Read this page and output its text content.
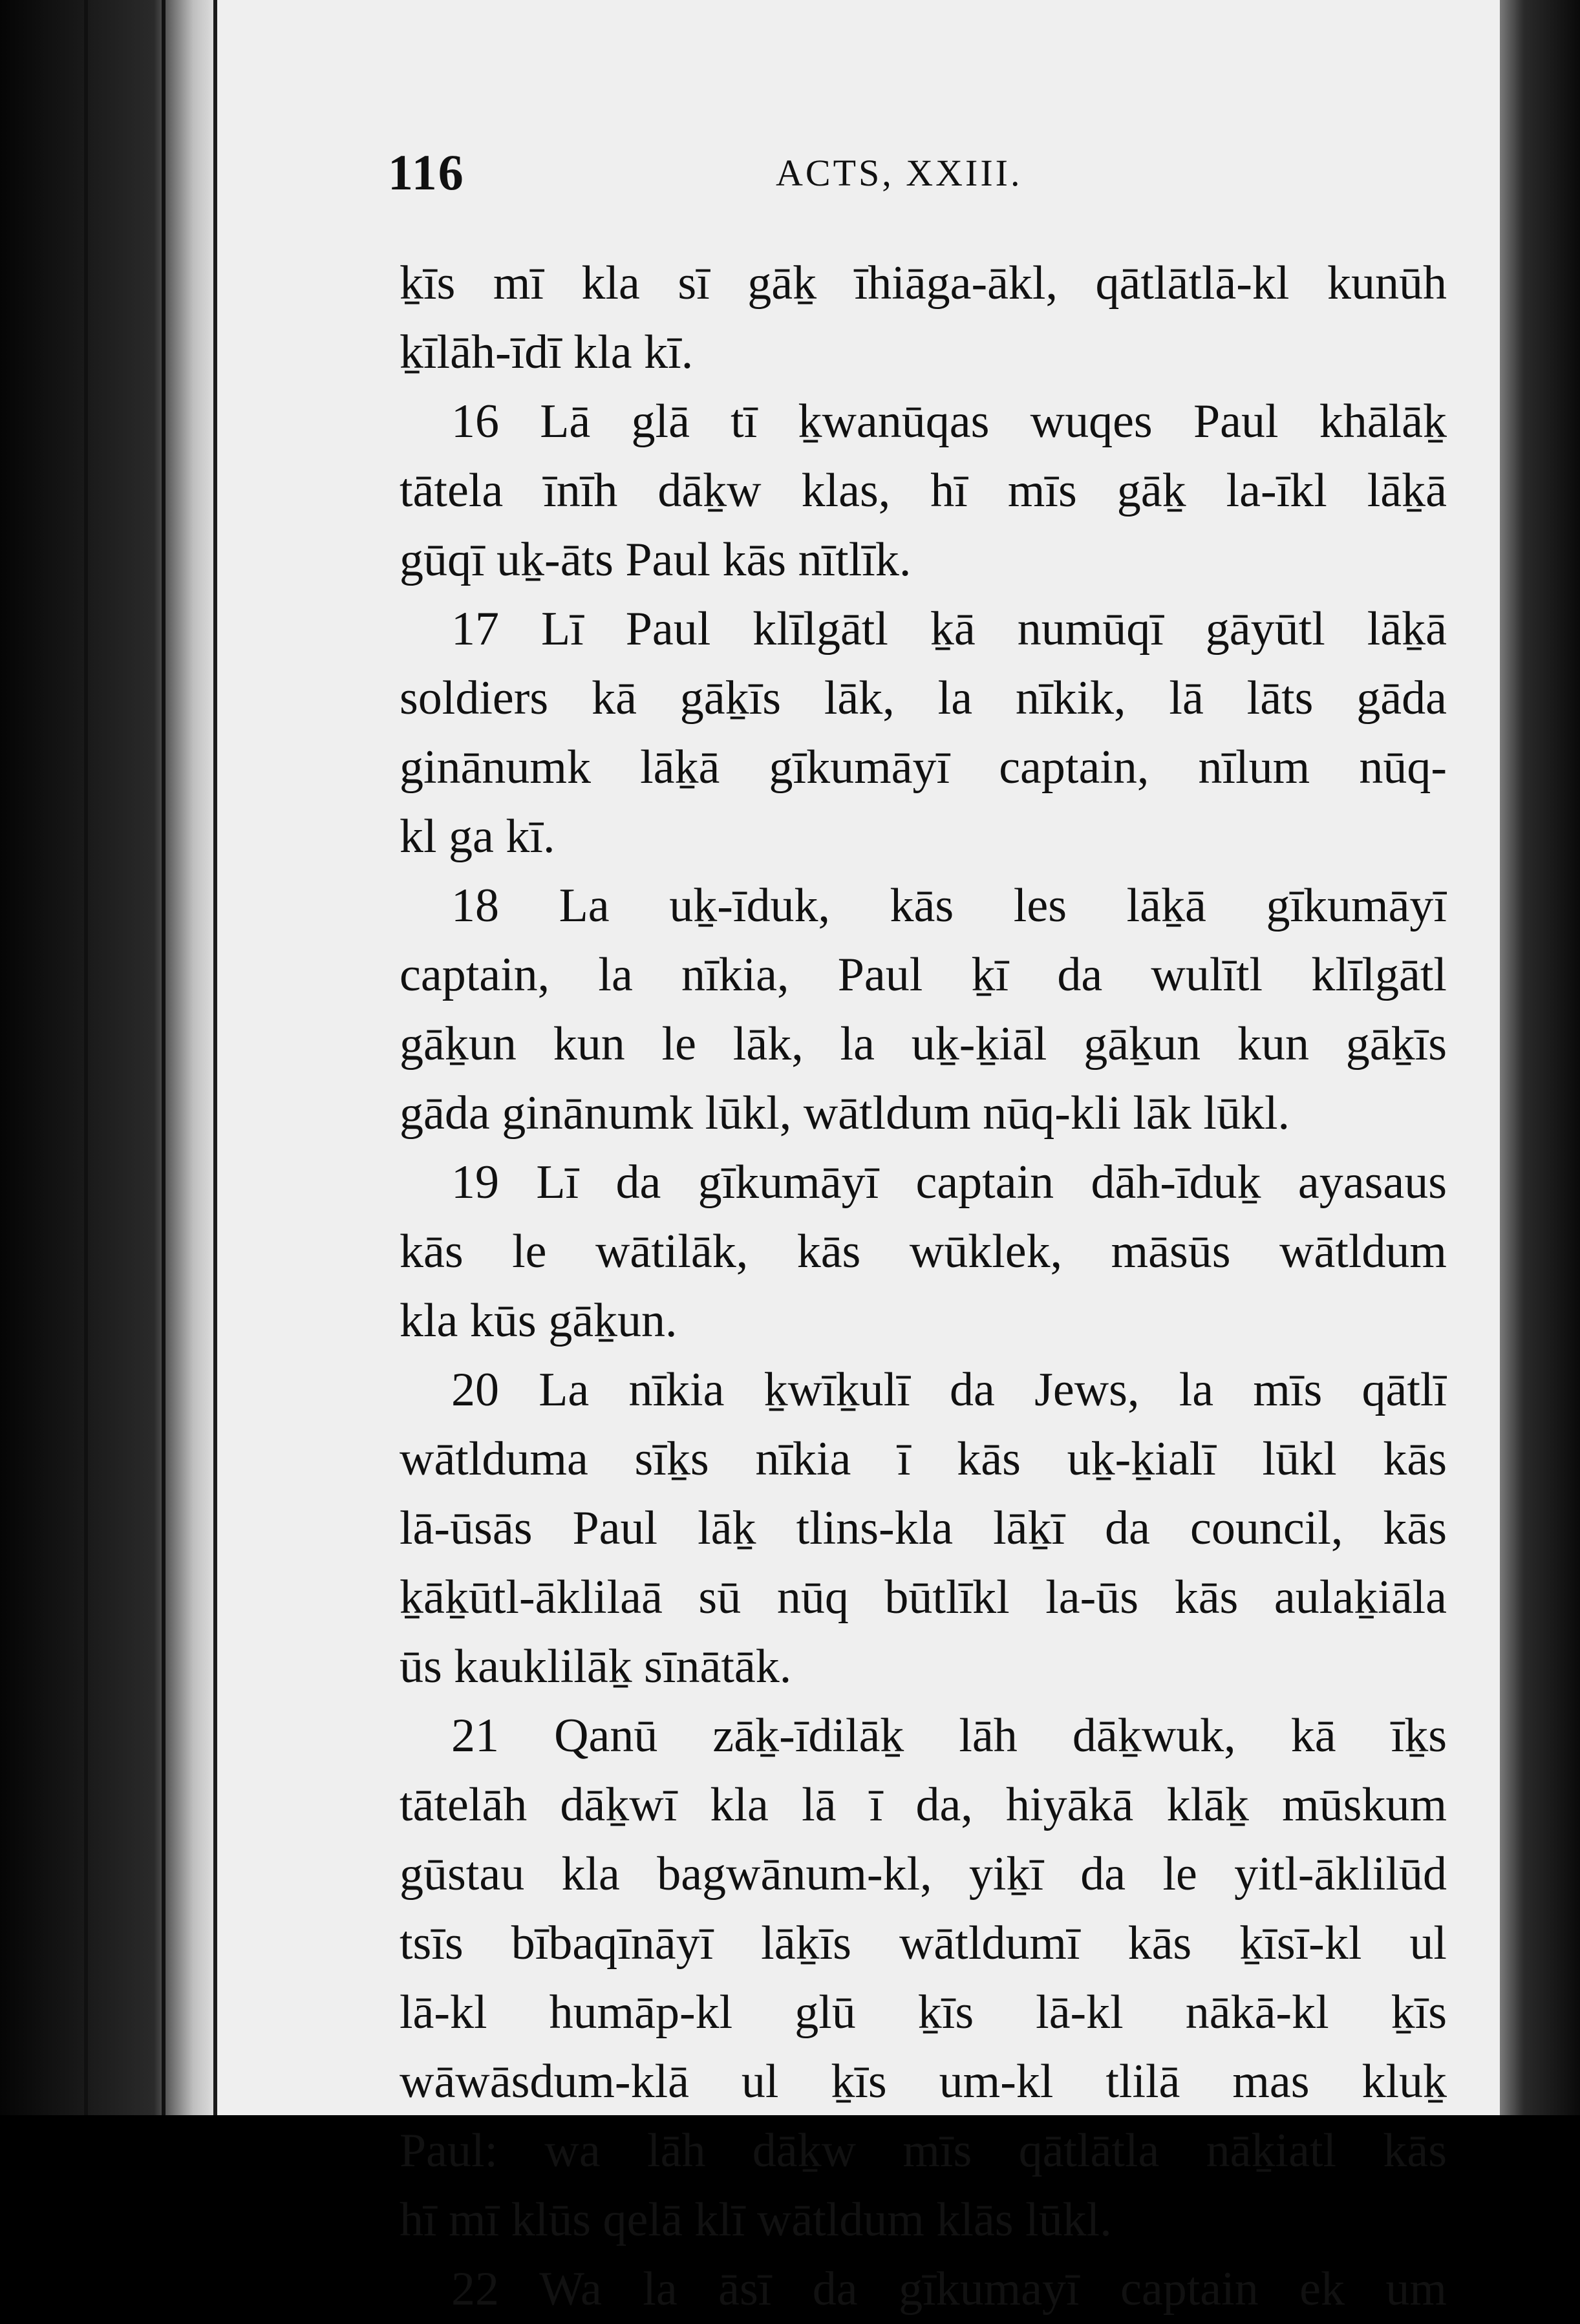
116	ACTS, XXIII.
ḵīs mī kla sī gāḵ īhiāga-ākl, qātlātlā-kl kunūh
ḵīlāh-īdī kla kī.
16 Lā glā tī ḵwanūqas wuqes Paul khālāḵ
tātela īnīh dāḵw klas, hī mīs gāḵ la-īkl lāḵā
gūqī uḵ-āts Paul kās nītlīk.
17 Lī Paul klīlgātl ḵā numūqī gāyūtl lāḵā
soldiers kā gāḵīs lāk, la nīkik, lā lāts gāda
ginānumk lāḵā gīkumāyī captain, nīlum nūq-
kl ga kī.
18 La uḵ-īduk, kās les lāḵā gīkumāyī
captain, la nīkia, Paul ḵī da wulītl klīlgātl
gāḵun kun le lāk, la uḵ-ḵiāl gāḵun kun gāḵīs
gāda ginānumk lūkl, wātldum nūq-kli lāk lūkl.
19 Lī da gīkumāyī captain dāh-īduḵ ayasaus
kās le wātilāk, kās wūklek, māsūs wātldum
kla kūs gāḵun.
20 La nīkia ḵwīḵulī da Jews, la mīs qātlī
wātlduma sīḵs nīkia ī kās uḵ-ḵialī lūkl kās
lā-ūsās Paul lāḵ tlins-kla lāḵī da council, kās
ḵāḵūtl-āklilaā sū nūq būtlīkl la-ūs kās aulaḵiāla
ūs kauklilāḵ sīnātāk.
21 Qanū zāḵ-īdilāḵ lāh dāḵwuk, kā īḵs
tātelāh dāḵwī kla lā ī da, hiyākā klāḵ mūskum
gūstau kla bagwānum-kl, yiḵī da le yitl-āklilūd
tsīs bībaqīnāyī lāḵīs wātldumī kās ḵīsī-kl ul
lā-kl humāp-kl glū ḵīs lā-kl nākā-kl ḵīs
wāwāsdum-klā ul ḵīs um-kl tlilā mas kluḵ
Paul: wa lāh dāḵw mīs qātlātla nāḵiatl kās
hī mī klūs qelā klī wātldum klās lūkl.
22 Wa la āsī da gīkumayī captain ek um
